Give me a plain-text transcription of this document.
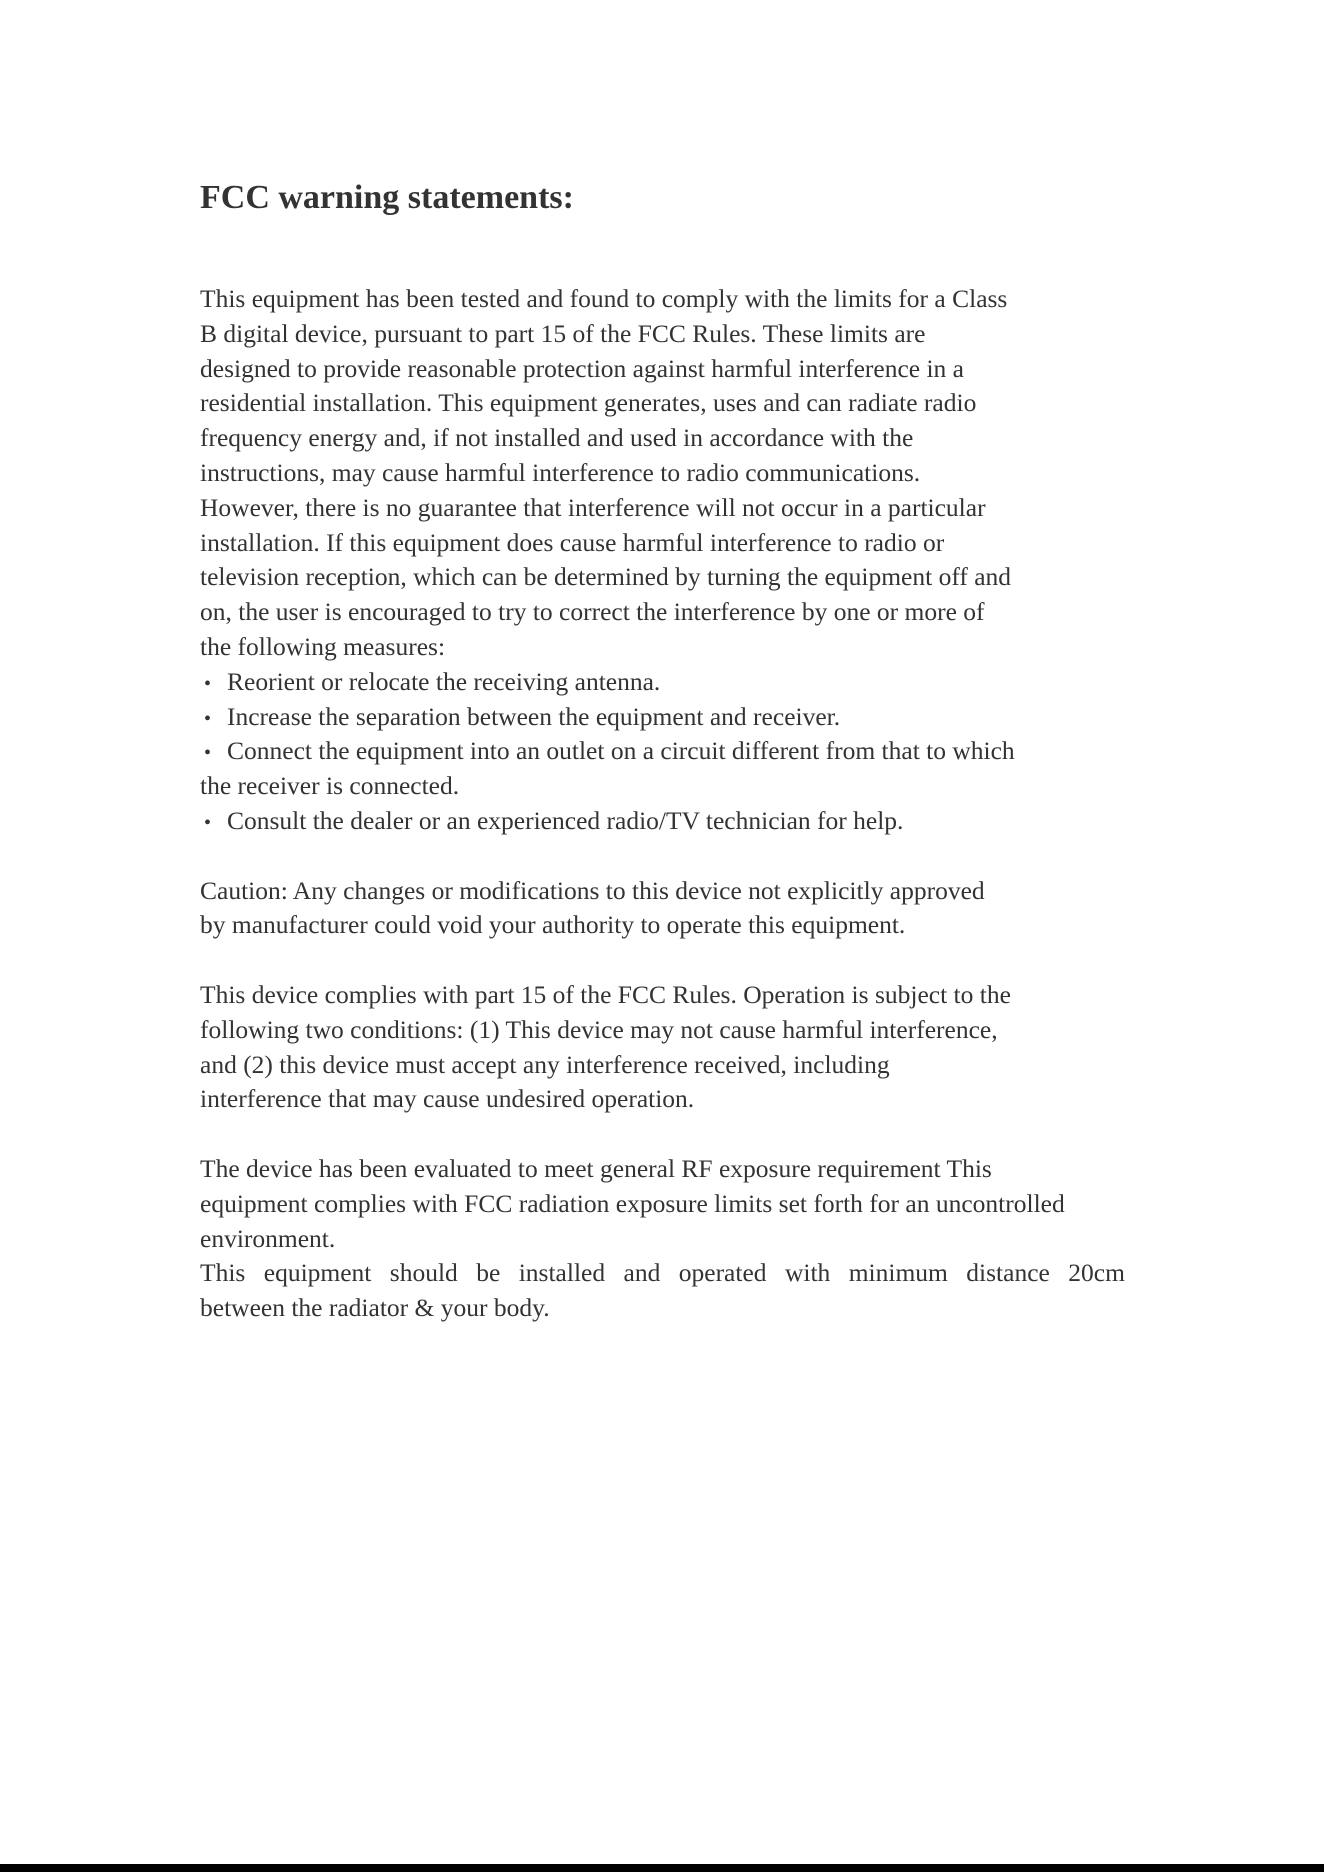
FCC warning statements:
This equipment has been tested and found to comply with the limits for a Class
B digital device, pursuant to part 15 of the FCC Rules. These limits are
designed to provide reasonable protection against harmful interference in a
residential installation. This equipment generates, uses and can radiate radio
frequency energy and, if not installed and used in accordance with the
instructions, may cause harmful interference to radio communications.
However, there is no guarantee that interference will not occur in a particular
installation. If this equipment does cause harmful interference to radio or
television reception, which can be determined by turning the equipment off and
on, the user is encouraged to try to correct the interference by one or more of
the following measures:
• Reorient or relocate the receiving antenna.
• Increase the separation between the equipment and receiver.
• Connect the equipment into an outlet on a circuit different from that to which
the receiver is connected.
• Consult the dealer or an experienced radio/TV technician for help.
Caution: Any changes or modifications to this device not explicitly approved
by manufacturer could void your authority to operate this equipment.
This device complies with part 15 of the FCC Rules. Operation is subject to the
following two conditions: (1) This device may not cause harmful interference,
and (2) this device must accept any interference received, including
interference that may cause undesired operation.
The device has been evaluated to meet general RF exposure requirement This
equipment complies with FCC radiation exposure limits set forth for an uncontrolled
environment.
This equipment should be installed and operated with minimum distance 20cm
between the radiator & your body.
